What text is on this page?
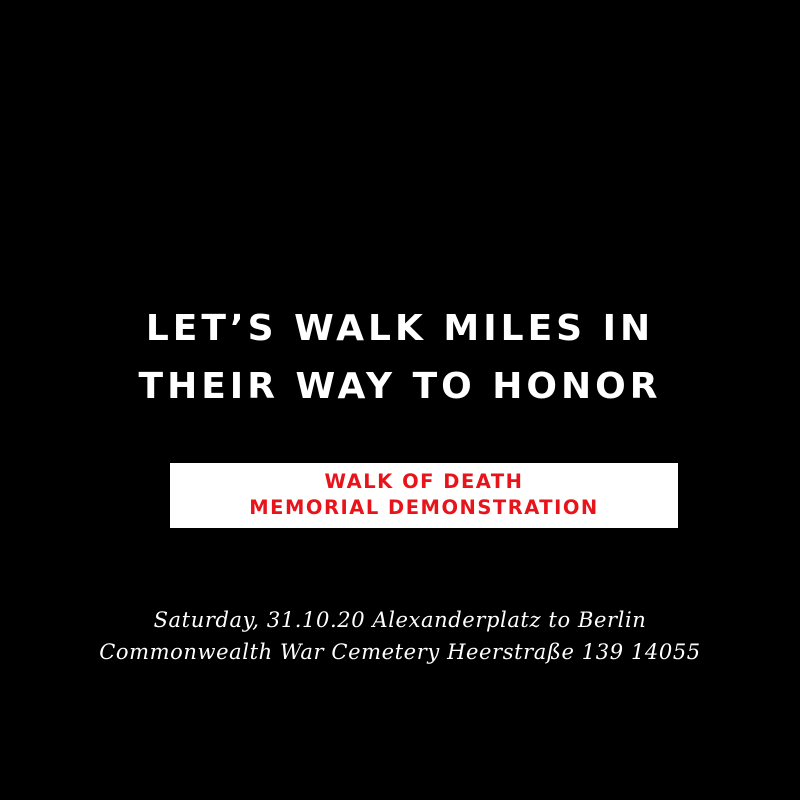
LET’S WALK MILES IN
THEIR WAY TO HONOR
WALK OF DEATH
MEMORIAL DEMONSTRATION
Saturday, 31.10.20 Alexanderplatz to Berlin
Commonwealth War Cemetery Heerstraße 139 14055
